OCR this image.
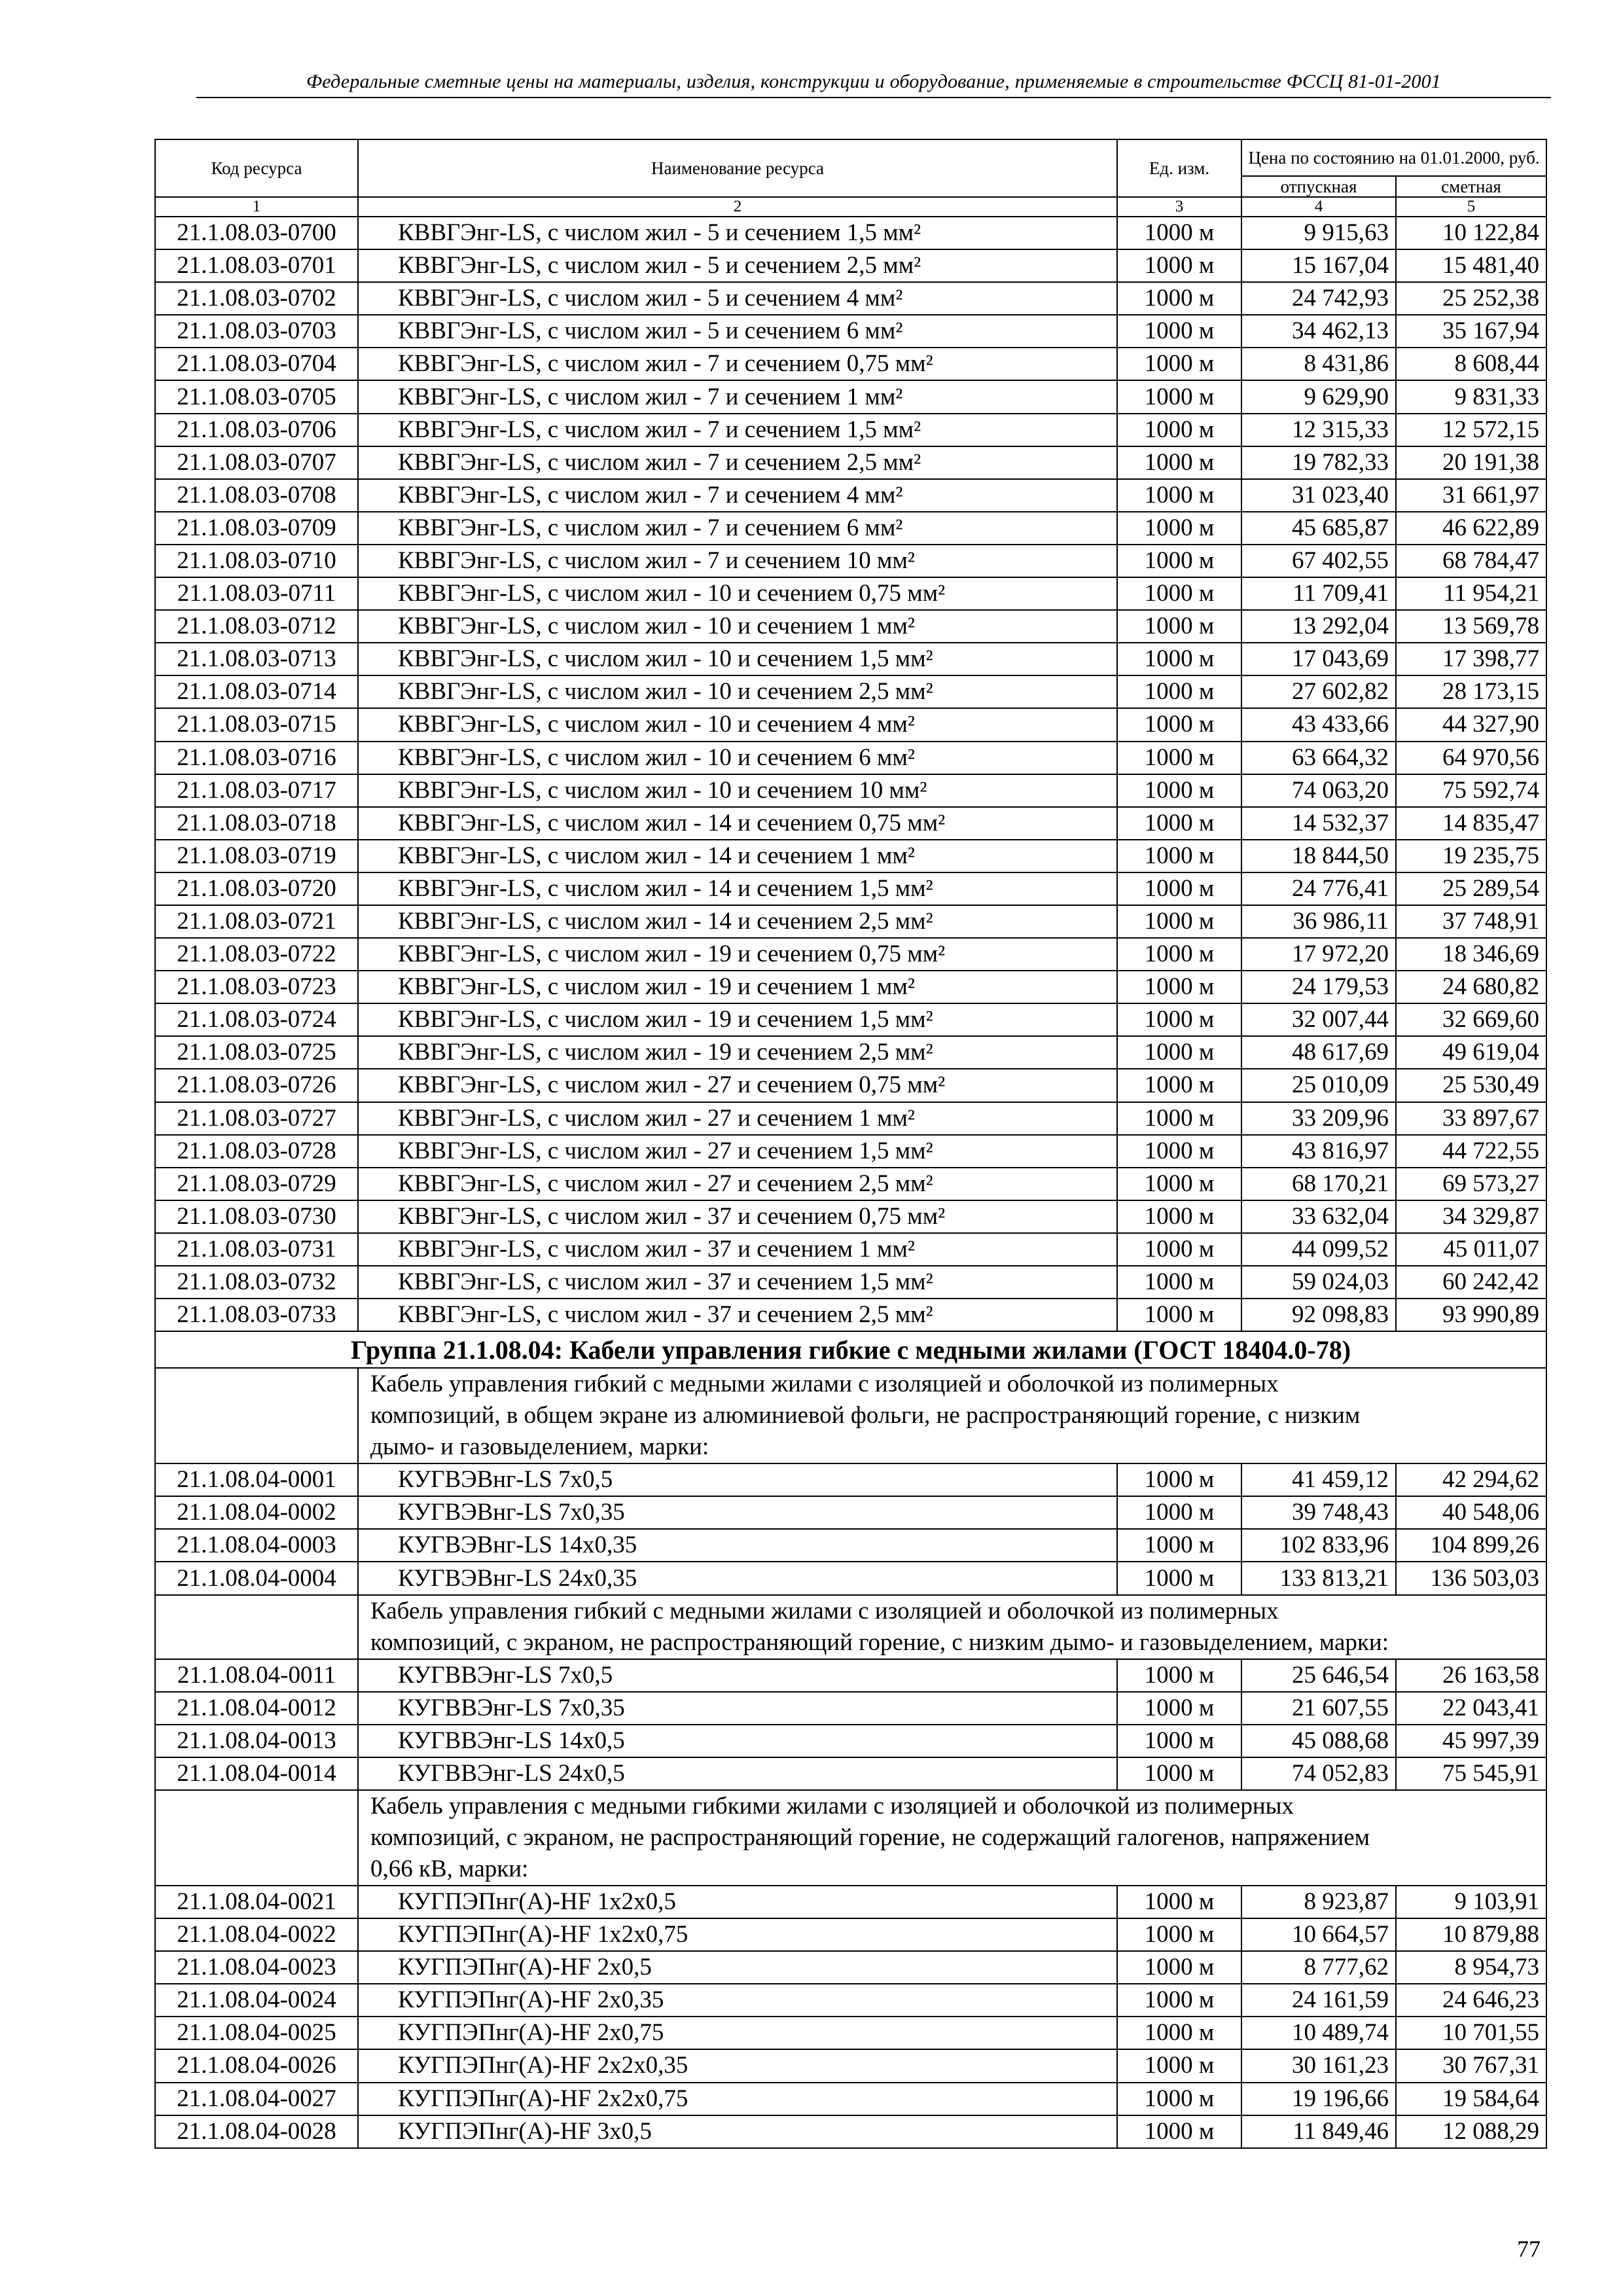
Федеральные сметные цены на материалы, изделия, конструкции и оборудование, применяемые в строительстве ФССЦ 81-01-2001
Код ресурса	Наименование ресурса	Ед. изм.	Цена по состоянию на 01.01.2000, руб.	
			отпускная	сметная
1	2	3	4	5
21.1.08.03-0700	КВВГЭнг-LS, с числом жил - 5 и сечением 1,5 мм²	1000 м	9 915,63	10 122,84
21.1.08.03-0701	КВВГЭнг-LS, с числом жил - 5 и сечением 2,5 мм²	1000 м	15 167,04	15 481,40
21.1.08.03-0702	КВВГЭнг-LS, с числом жил - 5 и сечением 4 мм²	1000 м	24 742,93	25 252,38
21.1.08.03-0703	КВВГЭнг-LS, с числом жил - 5 и сечением 6 мм²	1000 м	34 462,13	35 167,94
21.1.08.03-0704	КВВГЭнг-LS, с числом жил - 7 и сечением 0,75 мм²	1000 м	8 431,86	8 608,44
21.1.08.03-0705	КВВГЭнг-LS, с числом жил - 7 и сечением 1 мм²	1000 м	9 629,90	9 831,33
21.1.08.03-0706	КВВГЭнг-LS, с числом жил - 7 и сечением 1,5 мм²	1000 м	12 315,33	12 572,15
21.1.08.03-0707	КВВГЭнг-LS, с числом жил - 7 и сечением 2,5 мм²	1000 м	19 782,33	20 191,38
21.1.08.03-0708	КВВГЭнг-LS, с числом жил - 7 и сечением 4 мм²	1000 м	31 023,40	31 661,97
21.1.08.03-0709	КВВГЭнг-LS, с числом жил - 7 и сечением 6 мм²	1000 м	45 685,87	46 622,89
21.1.08.03-0710	КВВГЭнг-LS, с числом жил - 7 и сечением 10 мм²	1000 м	67 402,55	68 784,47
21.1.08.03-0711	КВВГЭнг-LS, с числом жил - 10 и сечением 0,75 мм²	1000 м	11 709,41	11 954,21
21.1.08.03-0712	КВВГЭнг-LS, с числом жил - 10 и сечением 1 мм²	1000 м	13 292,04	13 569,78
21.1.08.03-0713	КВВГЭнг-LS, с числом жил - 10 и сечением 1,5 мм²	1000 м	17 043,69	17 398,77
21.1.08.03-0714	КВВГЭнг-LS, с числом жил - 10 и сечением 2,5 мм²	1000 м	27 602,82	28 173,15
21.1.08.03-0715	КВВГЭнг-LS, с числом жил - 10 и сечением 4 мм²	1000 м	43 433,66	44 327,90
21.1.08.03-0716	КВВГЭнг-LS, с числом жил - 10 и сечением 6 мм²	1000 м	63 664,32	64 970,56
21.1.08.03-0717	КВВГЭнг-LS, с числом жил - 10 и сечением 10 мм²	1000 м	74 063,20	75 592,74
21.1.08.03-0718	КВВГЭнг-LS, с числом жил - 14 и сечением 0,75 мм²	1000 м	14 532,37	14 835,47
21.1.08.03-0719	КВВГЭнг-LS, с числом жил - 14 и сечением 1 мм²	1000 м	18 844,50	19 235,75
21.1.08.03-0720	КВВГЭнг-LS, с числом жил - 14 и сечением 1,5 мм²	1000 м	24 776,41	25 289,54
21.1.08.03-0721	КВВГЭнг-LS, с числом жил - 14 и сечением 2,5 мм²	1000 м	36 986,11	37 748,91
21.1.08.03-0722	КВВГЭнг-LS, с числом жил - 19 и сечением 0,75 мм²	1000 м	17 972,20	18 346,69
21.1.08.03-0723	КВВГЭнг-LS, с числом жил - 19 и сечением 1 мм²	1000 м	24 179,53	24 680,82
21.1.08.03-0724	КВВГЭнг-LS, с числом жил - 19 и сечением 1,5 мм²	1000 м	32 007,44	32 669,60
21.1.08.03-0725	КВВГЭнг-LS, с числом жил - 19 и сечением 2,5 мм²	1000 м	48 617,69	49 619,04
21.1.08.03-0726	КВВГЭнг-LS, с числом жил - 27 и сечением 0,75 мм²	1000 м	25 010,09	25 530,49
21.1.08.03-0727	КВВГЭнг-LS, с числом жил - 27 и сечением 1 мм²	1000 м	33 209,96	33 897,67
21.1.08.03-0728	КВВГЭнг-LS, с числом жил - 27 и сечением 1,5 мм²	1000 м	43 816,97	44 722,55
21.1.08.03-0729	КВВГЭнг-LS, с числом жил - 27 и сечением 2,5 мм²	1000 м	68 170,21	69 573,27
21.1.08.03-0730	КВВГЭнг-LS, с числом жил - 37 и сечением 0,75 мм²	1000 м	33 632,04	34 329,87
21.1.08.03-0731	КВВГЭнг-LS, с числом жил - 37 и сечением 1 мм²	1000 м	44 099,52	45 011,07
21.1.08.03-0732	КВВГЭнг-LS, с числом жил - 37 и сечением 1,5 мм²	1000 м	59 024,03	60 242,42
21.1.08.03-0733	КВВГЭнг-LS, с числом жил - 37 и сечением 2,5 мм²	1000 м	92 098,83	93 990,89
Группа 21.1.08.04: Кабели управления гибкие с медными жилами (ГОСТ 18404.0-78)				

	Кабель управления гибкий с медными жилами с изоляцией и оболочкой из полимерных
композиций, в общем экране из алюминиевой фольги, не распространяющий горение, с низким
дымо- и газовыделением, марки:			

21.1.08.04-0001	КУГВЭВнг-LS 7х0,5	1000 м	41 459,12	42 294,62
21.1.08.04-0002	КУГВЭВнг-LS 7х0,35	1000 м	39 748,43	40 548,06
21.1.08.04-0003	КУГВЭВнг-LS 14х0,35	1000 м	102 833,96	104 899,26
21.1.08.04-0004	КУГВЭВнг-LS 24х0,35	1000 м	133 813,21	136 503,03

	Кабель управления гибкий с медными жилами с изоляцией и оболочкой из полимерных
композиций, с экраном, не распространяющий горение, с низким дымо- и газовыделением, марки:			

21.1.08.04-0011	КУГВВЭнг-LS 7х0,5	1000 м	25 646,54	26 163,58
21.1.08.04-0012	КУГВВЭнг-LS 7х0,35	1000 м	21 607,55	22 043,41
21.1.08.04-0013	КУГВВЭнг-LS 14х0,5	1000 м	45 088,68	45 997,39
21.1.08.04-0014	КУГВВЭнг-LS 24х0,5	1000 м	74 052,83	75 545,91

	Кабель управления с медными гибкими жилами с изоляцией и оболочкой из полимерных
композиций, с экраном, не распространяющий горение, не содержащий галогенов, напряжением
0,66 кВ, марки:			

21.1.08.04-0021	КУГПЭПнг(А)-HF 1х2х0,5	1000 м	8 923,87	9 103,91
21.1.08.04-0022	КУГПЭПнг(А)-HF 1х2х0,75	1000 м	10 664,57	10 879,88
21.1.08.04-0023	КУГПЭПнг(А)-HF 2х0,5	1000 м	8 777,62	8 954,73
21.1.08.04-0024	КУГПЭПнг(А)-HF 2х0,35	1000 м	24 161,59	24 646,23
21.1.08.04-0025	КУГПЭПнг(А)-HF 2х0,75	1000 м	10 489,74	10 701,55
21.1.08.04-0026	КУГПЭПнг(А)-HF 2х2х0,35	1000 м	30 161,23	30 767,31
21.1.08.04-0027	КУГПЭПнг(А)-HF 2х2х0,75	1000 м	19 196,66	19 584,64
21.1.08.04-0028	КУГПЭПнг(А)-HF 3х0,5	1000 м	11 849,46	12 088,29
77
